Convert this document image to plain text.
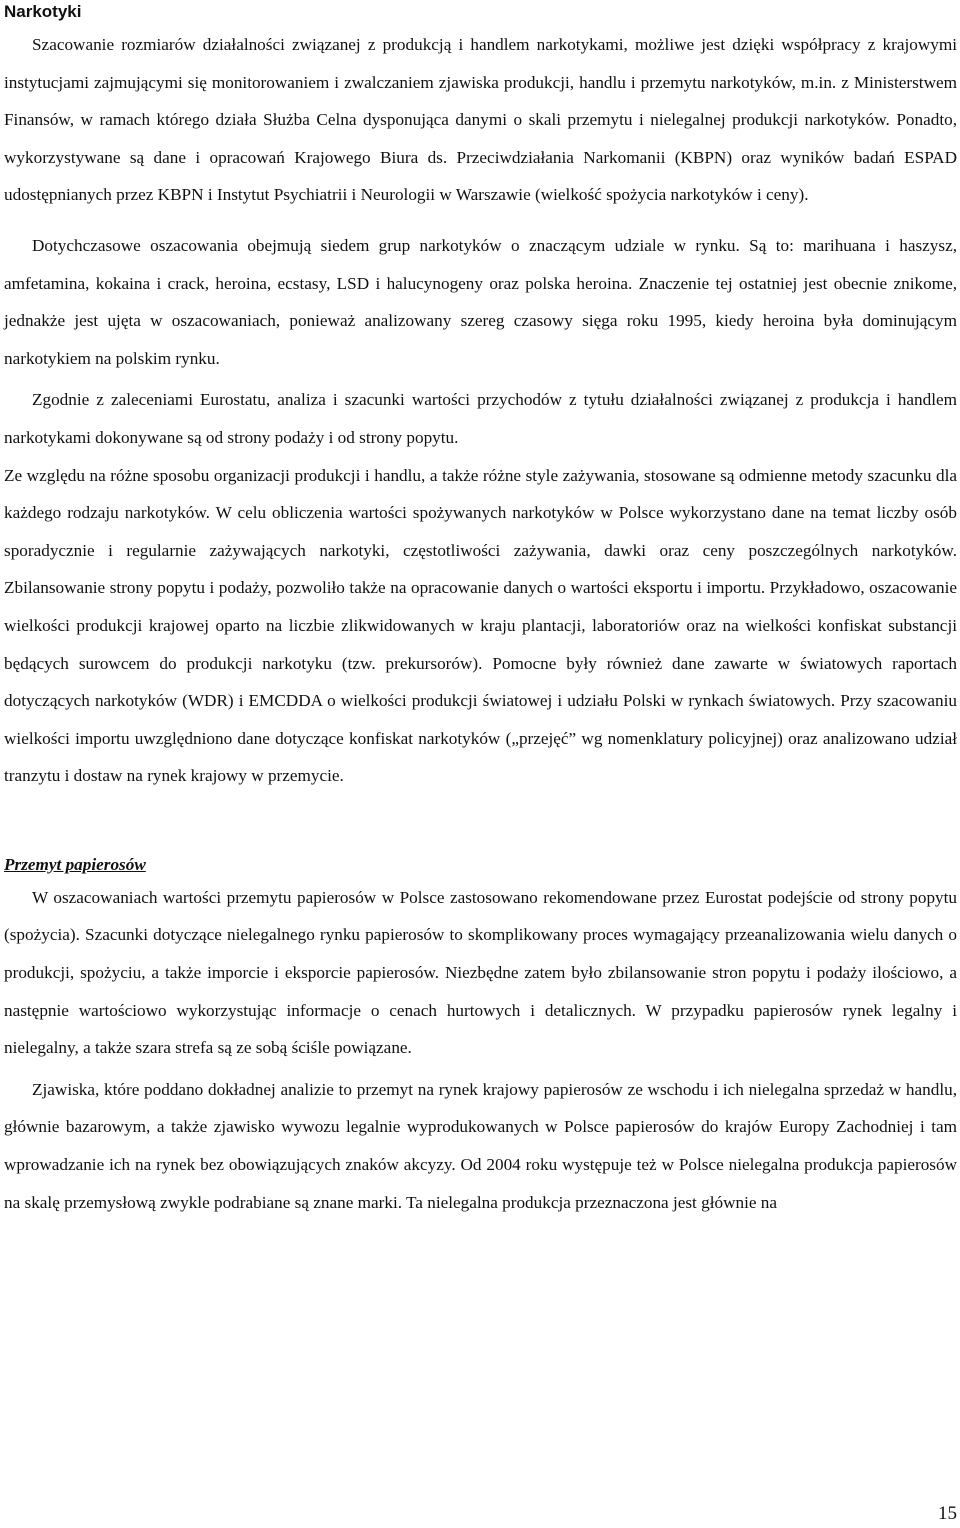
Narkotyki

Szacowanie rozmiarów działalności związanej z produkcją i handlem narkotykami, możliwe jest dzięki współpracy z krajowymi instytucjami zajmującymi się monitorowaniem i zwalczaniem zjawiska produkcji, handlu i przemytu narkotyków, m.in. z Ministerstwem Finansów, w ramach którego działa Służba Celna dysponująca danymi o skali przemytu i nielegalnej produkcji narkotyków. Ponadto, wykorzystywane są dane i opracowań Krajowego Biura ds. Przeciwdziałania Narkomanii (KBPN) oraz wyników badań ESPAD udostępnianych przez KBPN i Instytut Psychiatrii i Neurologii w Warszawie (wielkość spożycia narkotyków i ceny).

Dotychczasowe oszacowania obejmują siedem grup narkotyków o znaczącym udziale w rynku. Są to: marihuana i haszysz, amfetamina, kokaina i crack, heroina, ecstasy, LSD i halucynogeny oraz polska heroina. Znaczenie tej ostatniej jest obecnie znikome, jednakże jest ujęta w oszacowaniach, ponieważ analizowany szereg czasowy sięga roku 1995, kiedy heroina była dominującym narkotykiem na polskim rynku.

Zgodnie z zaleceniami Eurostatu, analiza i szacunki wartości przychodów z tytułu działalności związanej z produkcja i handlem narkotykami dokonywane są od strony podaży i od strony popytu.

Ze względu na różne sposobu organizacji produkcji i handlu, a także różne style zażywania, stosowane są odmienne metody szacunku dla każdego rodzaju narkotyków. W celu obliczenia wartości spożywanych narkotyków w Polsce wykorzystano dane na temat liczby osób sporadycznie i regularnie zażywających narkotyki, częstotliwości zażywania, dawki oraz ceny poszczególnych narkotyków. Zbilansowanie strony popytu i podaży, pozwoliło także na opracowanie danych o wartości eksportu i importu. Przykładowo, oszacowanie wielkości produkcji krajowej oparto na liczbie zlikwidowanych w kraju plantacji, laboratoriów oraz na wielkości konfiskat substancji będących surowcem do produkcji narkotyku (tzw. prekursorów). Pomocne były również dane zawarte w światowych raportach dotyczących narkotyków (WDR) i EMCDDA o wielkości produkcji światowej i udziału Polski w rynkach światowych. Przy szacowaniu wielkości importu uwzględniono dane dotyczące konfiskat narkotyków („przejęć” wg nomenklatury policyjnej) oraz analizowano udział tranzytu i dostaw na rynek krajowy w przemycie.

Przemyt papierosów

W oszacowaniach wartości przemytu papierosów w Polsce zastosowano rekomendowane przez Eurostat podejście od strony popytu (spożycia). Szacunki dotyczące nielegalnego rynku papierosów to skomplikowany proces wymagający przeanalizowania wielu danych o produkcji, spożyciu, a także imporcie i eksporcie papierosów. Niezbędne zatem było zbilansowanie stron popytu i podaży ilościowo, a następnie wartościowo wykorzystując informacje o cenach hurtowych i detalicznych. W przypadku papierosów rynek legalny i nielegalny, a także szara strefa są ze sobą ściśle powiązane.

Zjawiska, które poddano dokładnej analizie to przemyt na rynek krajowy papierosów ze wschodu i ich nielegalna sprzedaż w handlu, głównie bazarowym, a także zjawisko wywozu legalnie wyprodukowanych w Polsce papierosów do krajów Europy Zachodniej i tam wprowadzanie ich na rynek bez obowiązujących znaków akcyzy. Od 2004 roku występuje też w Polsce nielegalna produkcja papierosów na skalę przemysłową zwykle podrabiane są znane marki. Ta nielegalna produkcja przeznaczona jest głównie na

15
